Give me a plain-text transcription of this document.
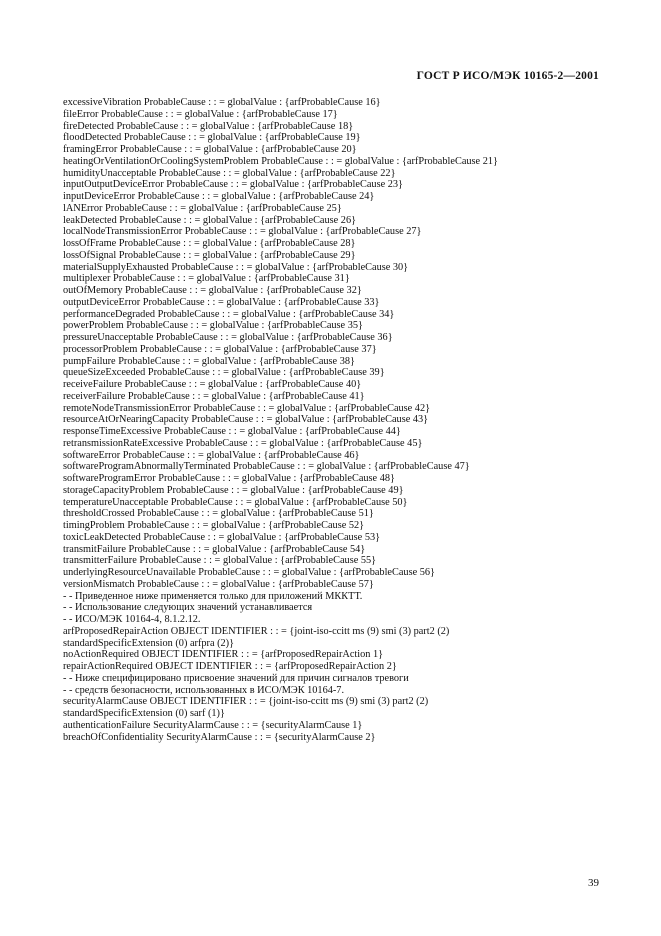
ГОСТ Р ИСО/МЭК 10165-2—2001
excessiveVibration ProbableCause : : = globalValue : {arfProbableCause 16}
fileError ProbableCause : : = globalValue : {arfProbableCause 17}
fireDetected ProbableCause : : = globalValue : {arfProbableCause 18}
floodDetected ProbableCause : : = globalValue : {arfProbableCause 19}
framingError ProbableCause : : = globalValue : {arfProbableCause 20}
heatingOrVentilationOrCoolingSystemProblem ProbableCause : : = globalValue : {arfProbableCause 21}
humidityUnacceptable ProbableCause : : = globalValue : {arfProbableCause 22}
inputOutputDeviceError ProbableCause : : = globalValue : {arfProbableCause 23}
inputDeviceError ProbableCause : : = globalValue : {arfProbableCause 24}
lANError ProbableCause : : = globalValue : {arfProbableCause 25}
leakDetected ProbableCause : : = globalValue : {arfProbableCause 26}
localNodeTransmissionError ProbableCause : : = globalValue : {arfProbableCause 27}
lossOfFrame ProbableCause : : = globalValue : {arfProbableCause 28}
lossOfSignal ProbableCause : : = globalValue : {arfProbableCause 29}
materialSupplyExhausted ProbableCause : : = globalValue : {arfProbableCause 30}
multiplexer ProbableCause : : = globalValue : {arfProbableCause 31}
outOfMemory ProbableCause : : = globalValue : {arfProbableCause 32}
outputDeviceError ProbableCause : : = globalValue : {arfProbableCause 33}
performanceDegraded ProbableCause : : = globalValue : {arfProbableCause 34}
powerProblem ProbableCause : : = globalValue : {arfProbableCause 35}
pressureUnacceptable ProbableCause : : = globalValue : {arfProbableCause 36}
processorProblem ProbableCause : : = globalValue : {arfProbableCause 37}
pumpFailure ProbableCause : : = globalValue : {arfProbableCause 38}
queueSizeExceeded ProbableCause : : = globalValue : {arfProbableCause 39}
receiveFailure ProbableCause : : = globalValue : {arfProbableCause 40}
receiverFailure ProbableCause : : = globalValue : {arfProbableCause 41}
remoteNodeTransmissionError ProbableCause : : = globalValue : {arfProbableCause 42}
resourceAtOrNearingCapacity ProbableCause : : = globalValue : {arfProbableCause 43}
responseTimeExcessive ProbableCause : : = globalValue : {arfProbableCause 44}
retransmissionRateExcessive ProbableCause : : = globalValue : {arfProbableCause 45}
softwareError ProbableCause : : = globalValue : {arfProbableCause 46}
softwareProgramAbnormallyTerminated ProbableCause : : = globalValue : {arfProbableCause 47}
softwareProgramError ProbableCause : : = globalValue : {arfProbableCause 48}
storageCapacityProblem ProbableCause : : = globalValue : {arfProbableCause 49}
temperatureUnacceptable ProbableCause : : = globalValue : {arfProbableCause 50}
thresholdCrossed ProbableCause : : = globalValue : {arfProbableCause 51}
timingProblem ProbableCause : : = globalValue : {arfProbableCause 52}
toxicLeakDetected ProbableCause : : = globalValue : {arfProbableCause 53}
transmitFailure ProbableCause : : = globalValue : {arfProbableCause 54}
transmitterFailure ProbableCause : : = globalValue : {arfProbableCause 55}
underlyingResourceUnavailable ProbableCause : : = globalValue : {arfProbableCause 56}
versionMismatch ProbableCause : : = globalValue : {arfProbableCause 57}
- - Приведенное ниже применяется только для приложений МККТТ.
- - Использование следующих значений устанавливается
- - ИСО/МЭК 10164-4, 8.1.2.12.
arfProposedRepairAction OBJECT IDENTIFIER : : = {joint-iso-ccitt ms (9) smi (3) part2 (2)
standardSpecificExtension (0) arfpra (2)}
noActionRequired OBJECT IDENTIFIER : : = {arfProposedRepairAction 1}
repairActionRequired OBJECT IDENTIFIER : : = {arfProposedRepairAction 2}
- - Ниже специфицировано присвоение значений для причин сигналов тревоги
- - средств безопасности, использованных в ИСО/МЭК 10164-7.
securityAlarmCause OBJECT IDENTIFIER : : = {joint-iso-ccitt ms (9) smi (3) part2 (2)
standardSpecificExtension (0) sarf (1)}
authenticationFailure SecurityAlarmCause : : = {securityAlarmCause 1}
breachOfConfidentiality SecurityAlarmCause : : = {securityAlarmCause 2}
39
